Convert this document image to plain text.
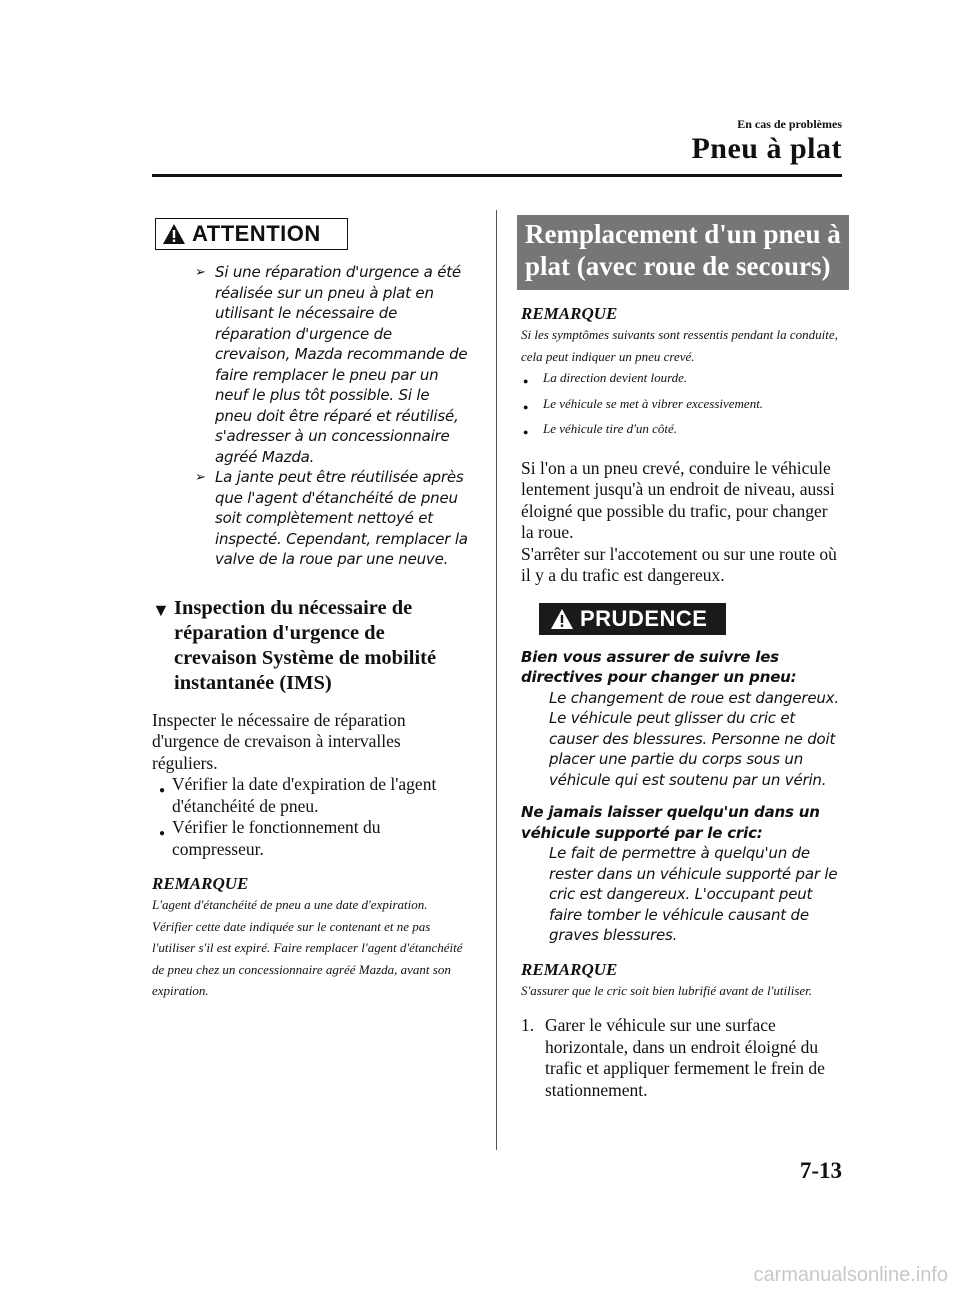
En cas de problèmes
Pneu à plat
ATTENTION
➢ Si une réparation d'urgence a été réalisée sur un pneu à plat en utilisant le nécessaire de réparation d'urgence de crevaison, Mazda recommande de faire remplacer le pneu par un neuf le plus tôt possible. Si le pneu doit être réparé et réutilisé, s'adresser à un concessionnaire agréé Mazda.
➢ La jante peut être réutilisée après que l'agent d'étanchéité de pneu soit complètement nettoyé et inspecté. Cependant, remplacer la valve de la roue par une neuve.
▼ Inspection du nécessaire de réparation d'urgence de crevaison Système de mobilité instantanée (IMS)

Inspecter le nécessaire de réparation d'urgence de crevaison à intervalles réguliers.

● Vérifier la date d'expiration de l'agent d'étanchéité de pneu.
● Vérifier le fonctionnement du compresseur.
REMARQUE
L'agent d'étanchéité de pneu a une date d'expiration. Vérifier cette date indiquée sur le contenant et ne pas l'utiliser s'il est expiré. Faire remplacer l'agent d'étanchéité de pneu chez un concessionnaire agréé Mazda, avant son expiration.
Remplacement d'un pneu à plat (avec roue de secours)
REMARQUE
Si les symptômes suivants sont ressentis pendant la conduite, cela peut indiquer un pneu crevé.
●	La direction devient lourde.
●	Le véhicule se met à vibrer excessivement.
●	Le véhicule tire d'un côté.

Si l'on a un pneu crevé, conduire le véhicule lentement jusqu'à un endroit de niveau, aussi éloigné que possible du trafic, pour changer la roue.

S'arrêter sur l'accotement ou sur une route où il y a du trafic est dangereux.

PRUDENCE
Bien vous assurer de suivre les directives pour changer un pneu:
Le changement de roue est dangereux. Le véhicule peut glisser du cric et causer des blessures. Personne ne doit placer une partie du corps sous un véhicule qui est soutenu par un vérin.
Ne jamais laisser quelqu'un dans un véhicule supporté par le cric:
Le fait de permettre à quelqu'un de rester dans un véhicule supporté par le cric est dangereux. L'occupant peut faire tomber le véhicule causant de graves blessures.
REMARQUE
S'assurer que le cric soit bien lubrifié avant de l'utiliser.
1. Garer le véhicule sur une surface horizontale, dans un endroit éloigné du trafic et appliquer fermement le frein de stationnement.
7-13
carmanualsonline.info
